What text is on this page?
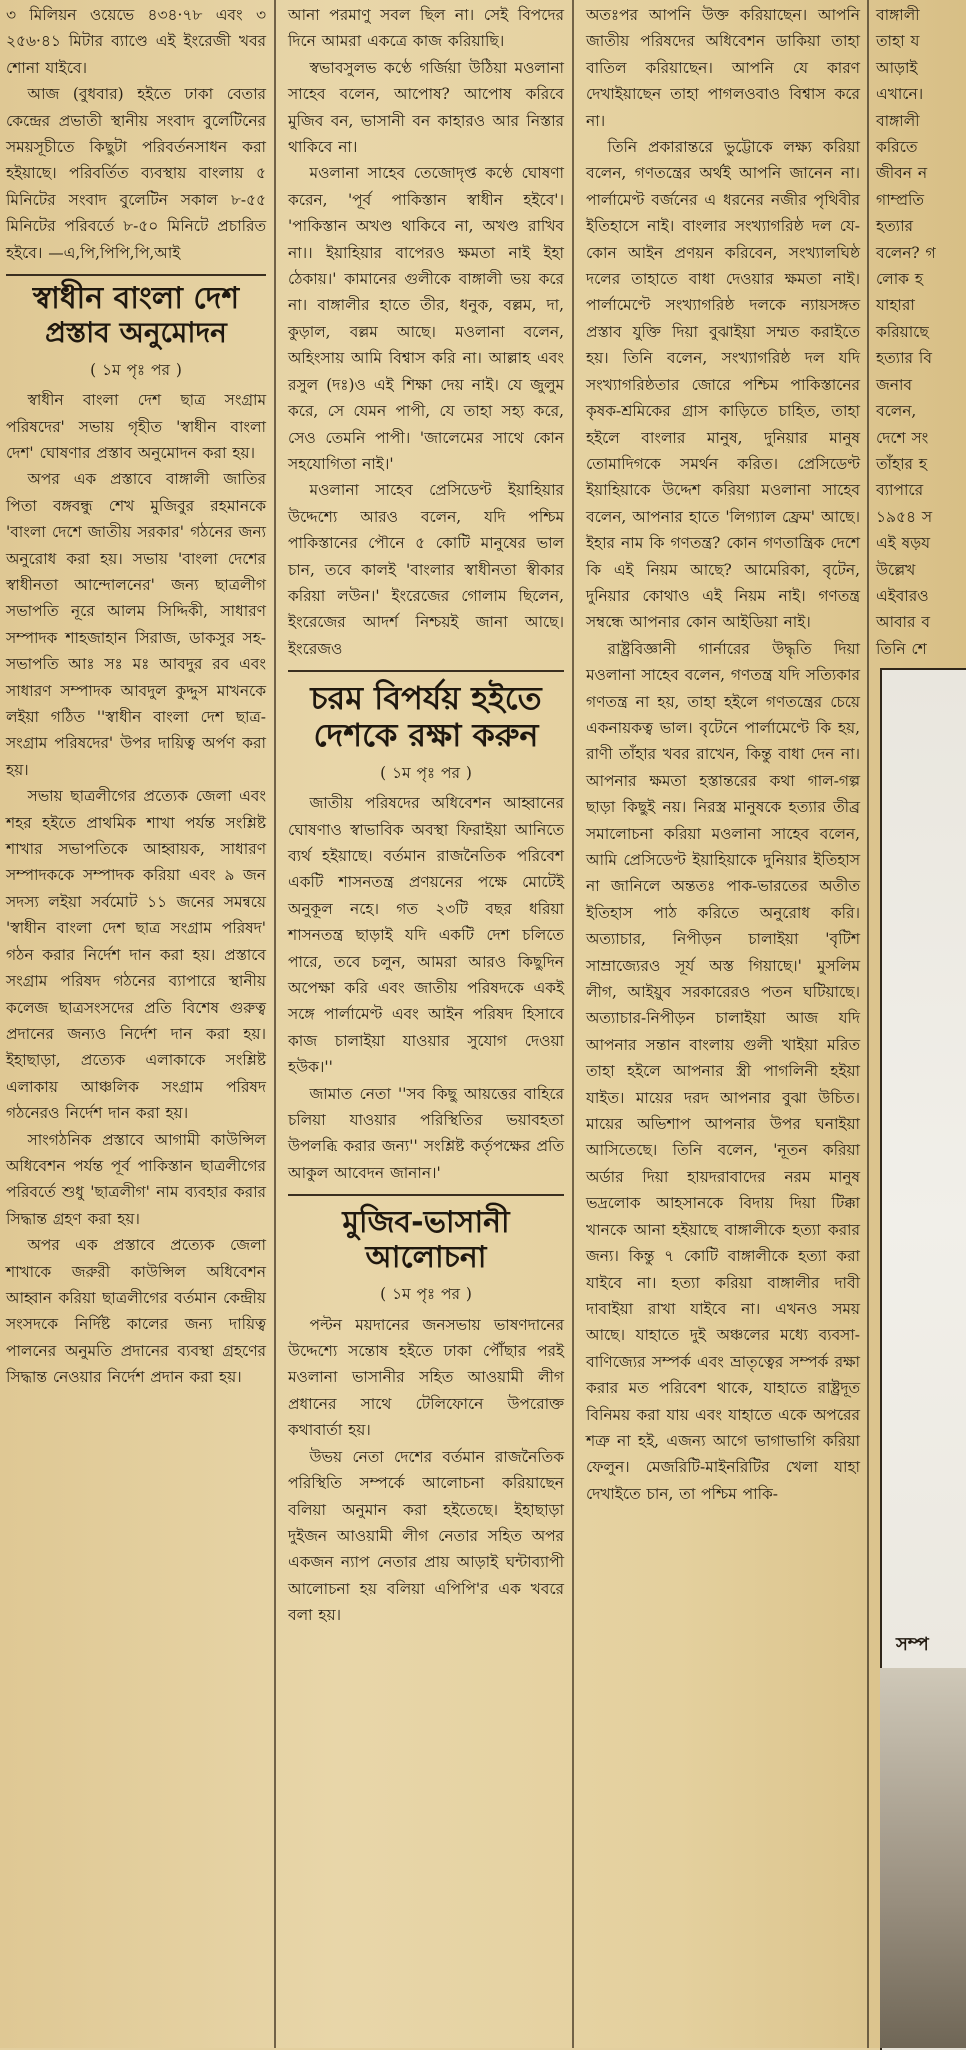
৩ মিলিয়ন ওয়েভে ৪৩৪·৭৮ এবং ৩ ২৫৬·৪১ মিটার ব্যাণ্ডে এই ইংরেজী খবর শোনা যাইবে।

আজ (বুধবার) হইতে ঢাকা বেতার কেন্দ্রের প্রভাতী স্থানীয় সংবাদ বুলেটিনের সময়সূচীতে কিছুটা পরিবর্তনসাধন করা হইয়াছে। পরিবর্তিত ব্যবস্থায় বাংলায় ৫ মিনিটের সংবাদ বুলেটিন সকাল ৮-৫৫ মিনিটের পরিবর্তে ৮-৫০ মিনিটে প্রচারিত হইবে। —এ,পি,পিপি,পি,আই

স্বাধীন বাংলা দেশ
প্রস্তাব অনুমোদন

( ১ম পৃঃ পর )

স্বাধীন বাংলা দেশ ছাত্র সংগ্রাম পরিষদের' সভায় গৃহীত 'স্বাধীন বাংলা দেশ' ঘোষণার প্রস্তাব অনুমোদন করা হয়।

অপর এক প্রস্তাবে বাঙ্গালী জাতির পিতা বঙ্গবন্ধু শেখ মুজিবুর রহমানকে 'বাংলা দেশে জাতীয় সরকার' গঠনের জন্য অনুরোধ করা হয়। সভায় 'বাংলা দেশের স্বাধীনতা আন্দোলনের' জন্য ছাত্রলীগ সভাপতি নূরে আলম সিদ্দিকী, সাধারণ সম্পাদক শাহজাহান সিরাজ, ডাকসুর সহ-সভাপতি আঃ সঃ মঃ আবদুর রব এবং সাধারণ সম্পাদক আবদুল কুদ্দুস মাখনকে লইয়া গঠিত ''স্বাধীন বাংলা দেশ ছাত্র-সংগ্রাম পরিষদের' উপর দায়িত্ব অর্পণ করা হয়।

সভায় ছাত্রলীগের প্রত্যেক জেলা এবং শহর হইতে প্রাথমিক শাখা পর্যন্ত সংশ্লিষ্ট শাখার সভাপতিকে আহ্বায়ক, সাধারণ সম্পাদককে সম্পাদক করিয়া এবং ৯ জন সদস্য লইয়া সর্বমোট ১১ জনের সমন্বয়ে 'স্বাধীন বাংলা দেশ ছাত্র সংগ্রাম পরিষদ' গঠন করার নির্দেশ দান করা হয়। প্রস্তাবে সংগ্রাম পরিষদ গঠনের ব্যাপারে স্থানীয় কলেজ ছাত্রসংসদের প্রতি বিশেষ গুরুত্ব প্রদানের জন্যও নির্দেশ দান করা হয়। ইহাছাড়া, প্রত্যেক এলাকাকে সংশ্লিষ্ট এলাকায় আঞ্চলিক সংগ্রাম পরিষদ গঠনেরও নির্দেশ দান করা হয়।

সাংগঠনিক প্রস্তাবে আগামী কাউন্সিল অধিবেশন পর্যন্ত পূর্ব পাকিস্তান ছাত্রলীগের পরিবর্তে শুধু 'ছাত্রলীগ' নাম ব্যবহার করার সিদ্ধান্ত গ্রহণ করা হয়।

অপর এক প্রস্তাবে প্রত্যেক জেলা শাখাকে জরুরী কাউন্সিল অধিবেশন আহ্বান করিয়া ছাত্রলীগের বর্তমান কেন্দ্রীয় সংসদকে নির্দিষ্ট কালের জন্য দায়িত্ব পালনের অনুমতি প্রদানের ব্যবস্থা গ্রহণের সিদ্ধান্ত নেওয়ার নির্দেশ প্রদান করা হয়।

আনা পরমাণু সবল ছিল না। সেই বিপদের দিনে আমরা একত্রে কাজ করিয়াছি।

স্বভাবসুলভ কণ্ঠে গর্জিয়া উঠিয়া মওলানা সাহেব বলেন, আপোষ? আপোষ করিবে মুজিব বন, ভাসানী বন কাহারও আর নিস্তার থাকিবে না।

মওলানা সাহেব তেজোদৃপ্ত কণ্ঠে ঘোষণা করেন, 'পূর্ব পাকিস্তান স্বাধীন হইবে'। 'পাকিস্তান অখণ্ড থাকিবে না, অখণ্ড রাখিব না।। ইয়াহিয়ার বাপেরও ক্ষমতা নাই ইহা ঠেকায়।' কামানের গুলীকে বাঙ্গালী ভয় করে না। বাঙ্গালীর হাতে তীর, ধনুক, বল্লম, দা, কুড়াল, বল্লম আছে। মওলানা বলেন, অহিংসায় আমি বিশ্বাস করি না। আল্লাহ এবং রসুল (দঃ)ও এই শিক্ষা দেয় নাই। যে জুলুম করে, সে যেমন পাপী, যে তাহা সহ্য করে, সেও তেমনি পাপী। 'জালেমের সাথে কোন সহযোগিতা নাই।'

মওলানা সাহেব প্রেসিডেণ্ট ইয়াহিয়ার উদ্দেশ্যে আরও বলেন, যদি পশ্চিম পাকিস্তানের পৌনে ৫ কোটি মানুষের ভাল চান, তবে কালই 'বাংলার স্বাধীনতা স্বীকার করিয়া লউন।' ইংরেজের গোলাম ছিলেন, ইংরেজের আদর্শ নিশ্চয়ই জানা আছে। ইংরেজও

চরম বিপর্যয় হইতে
দেশকে রক্ষা করুন

( ১ম পৃঃ পর )

জাতীয় পরিষদের অধিবেশন আহ্বানের ঘোষণাও স্বাভাবিক অবস্থা ফিরাইয়া আনিতে ব্যর্থ হইয়াছে। বর্তমান রাজনৈতিক পরিবেশ একটি শাসনতন্ত্র প্রণয়নের পক্ষে মোটেই অনুকূল নহে। গত ২৩টি বছর ধরিয়া শাসনতন্ত্র ছাড়াই যদি একটি দেশ চলিতে পারে, তবে চলুন, আমরা আরও কিছুদিন অপেক্ষা করি এবং জাতীয় পরিষদকে একই সঙ্গে পার্লামেণ্ট এবং আইন পরিষদ হিসাবে কাজ চালাইয়া যাওয়ার সুযোগ দেওয়া হউক।''

জামাত নেতা ''সব কিছু আয়ত্তের বাহিরে চলিয়া যাওয়ার পরিস্থিতির ভয়াবহতা উপলব্ধি করার জন্য'' সংশ্লিষ্ট কর্তৃপক্ষের প্রতি আকুল আবেদন জানান।'

মুজিব-ভাসানী আলোচনা

( ১ম পৃঃ পর )

পল্টন ময়দানের জনসভায় ভাষণদানের উদ্দেশ্যে সন্তোষ হইতে ঢাকা পৌঁছার পরই মওলানা ভাসানীর সহিত আওয়ামী লীগ প্রধানের সাথে টেলিফোনে উপরোক্ত কথাবার্তা হয়।

উভয় নেতা দেশের বর্তমান রাজনৈতিক পরিস্থিতি সম্পর্কে আলোচনা করিয়াছেন বলিয়া অনুমান করা হইতেছে। ইহাছাড়া দুইজন আওয়ামী লীগ নেতার সহিত অপর একজন ন্যাপ নেতার প্রায় আড়াই ঘন্টাব্যাপী আলোচনা হয় বলিয়া এপিপি'র এক খবরে বলা হয়।

অতঃপর আপনি উক্ত করিয়াছেন। আপনি জাতীয় পরিষদের অধিবেশন ডাকিয়া তাহা বাতিল করিয়াছেন। আপনি যে কারণ দেখাইয়াছেন তাহা পাগলওবাও বিশ্বাস করে না।

তিনি প্রকারান্তরে ভুট্টোকে লক্ষ্য করিয়া বলেন, গণতন্ত্রের অর্থই আপনি জানেন না। পার্লামেণ্ট বর্জনের এ ধরনের নজীর পৃথিবীর ইতিহাসে নাই। বাংলার সংখ্যাগরিষ্ঠ দল যে-কোন আইন প্রণয়ন করিবেন, সংখ্যালঘিষ্ঠ দলের তাহাতে বাধা দেওয়ার ক্ষমতা নাই। পার্লামেণ্টে সংখ্যাগরিষ্ঠ দলকে ন্যায়সঙ্গত প্রস্তাব যুক্তি দিয়া বুঝাইয়া সম্মত করাইতে হয়। তিনি বলেন, সংখ্যাগরিষ্ঠ দল যদি সংখ্যাগরিষ্ঠতার জোরে পশ্চিম পাকিস্তানের কৃষক-শ্রমিকের গ্রাস কাড়িতে চাহিত, তাহা হইলে বাংলার মানুষ, দুনিয়ার মানুষ তোমাদিগকে সমর্থন করিত। প্রেসিডেণ্ট ইয়াহিয়াকে উদ্দেশ করিয়া মওলানা সাহেব বলেন, আপনার হাতে 'লিগ্যাল ফ্রেম' আছে। ইহার নাম কি গণতন্ত্র? কোন গণতান্ত্রিক দেশে কি এই নিয়ম আছে? আমেরিকা, বৃটেন, দুনিয়ার কোথাও এই নিয়ম নাই। গণতন্ত্র সম্বন্ধে আপনার কোন আইডিয়া নাই।

রাষ্ট্রবিজ্ঞানী গার্নারের উদ্ধৃতি দিয়া মওলানা সাহেব বলেন, গণতন্ত্র যদি সত্যিকার গণতন্ত্র না হয়, তাহা হইলে গণতন্ত্রের চেয়ে একনায়কত্ব ভাল। বৃটেনে পার্লামেণ্টে কি হয়, রাণী তাঁহার খবর রাখেন, কিন্তু বাধা দেন না। আপনার ক্ষমতা হস্তান্তরের কথা গাল-গল্প ছাড়া কিছুই নয়। নিরস্ত্র মানুষকে হত্যার তীব্র সমালোচনা করিয়া মওলানা সাহেব বলেন, আমি প্রেসিডেণ্ট ইয়াহিয়াকে দুনিয়ার ইতিহাস না জানিলে অন্ততঃ পাক-ভারতের অতীত ইতিহাস পাঠ করিতে অনুরোধ করি। অত্যাচার, নিপীড়ন চালাইয়া 'বৃটিশ সাম্রাজ্যেরও সূর্য অস্ত গিয়াছে।' মুসলিম লীগ, আইয়ুব সরকারেরও পতন ঘটিয়াছে। অত্যাচার-নিপীড়ন চালাইয়া আজ যদি আপনার সন্তান বাংলায় গুলী খাইয়া মরিত তাহা হইলে আপনার স্ত্রী পাগলিনী হইয়া যাইত। মায়ের দরদ আপনার বুঝা উচিত। মায়ের অভিশাপ আপনার উপর ঘনাইয়া আসিতেছে। তিনি বলেন, 'নূতন করিয়া অর্ডার দিয়া হায়দরাবাদের নরম মানুষ ভদ্রলোক আহসানকে বিদায় দিয়া টিক্কা খানকে আনা হইয়াছে বাঙ্গালীকে হত্যা করার জন্য। কিন্তু ৭ কোটি বাঙ্গালীকে হত্যা করা যাইবে না। হত্যা করিয়া বাঙ্গালীর দাবী দাবাইয়া রাখা যাইবে না। এখনও সময় আছে। যাহাতে দুই অঞ্চলের মধ্যে ব্যবসা-বাণিজ্যের সম্পর্ক এবং ভ্রাতৃত্বের সম্পর্ক রক্ষা করার মত পরিবেশ থাকে, যাহাতে রাষ্ট্রদূত বিনিময় করা যায় এবং যাহাতে একে অপরের শত্রু না হই, এজন্য আগে ভাগাভাগি করিয়া ফেলুন। মেজরিটি-মাইনরিটির খেলা যাহা দেখাইতে চান, তা পশ্চিম পাকি-

বাঙ্গালী

তাহা য

আড়াই

এখানে।

বাঙ্গালী

করিতে

জীবন ন

গাম্প্রতি

হত্যার

বলেন? গ

লোক হ

যাহারা

করিয়াছে

হত্যার বি

জনাব

বলেন,

দেশে সং

তাঁহার হ

ব্যাপারে

১৯৫৪ স

এই ষড়য

উল্লেখ

এইবারও

আবার ব

তিনি শে

সম্প
